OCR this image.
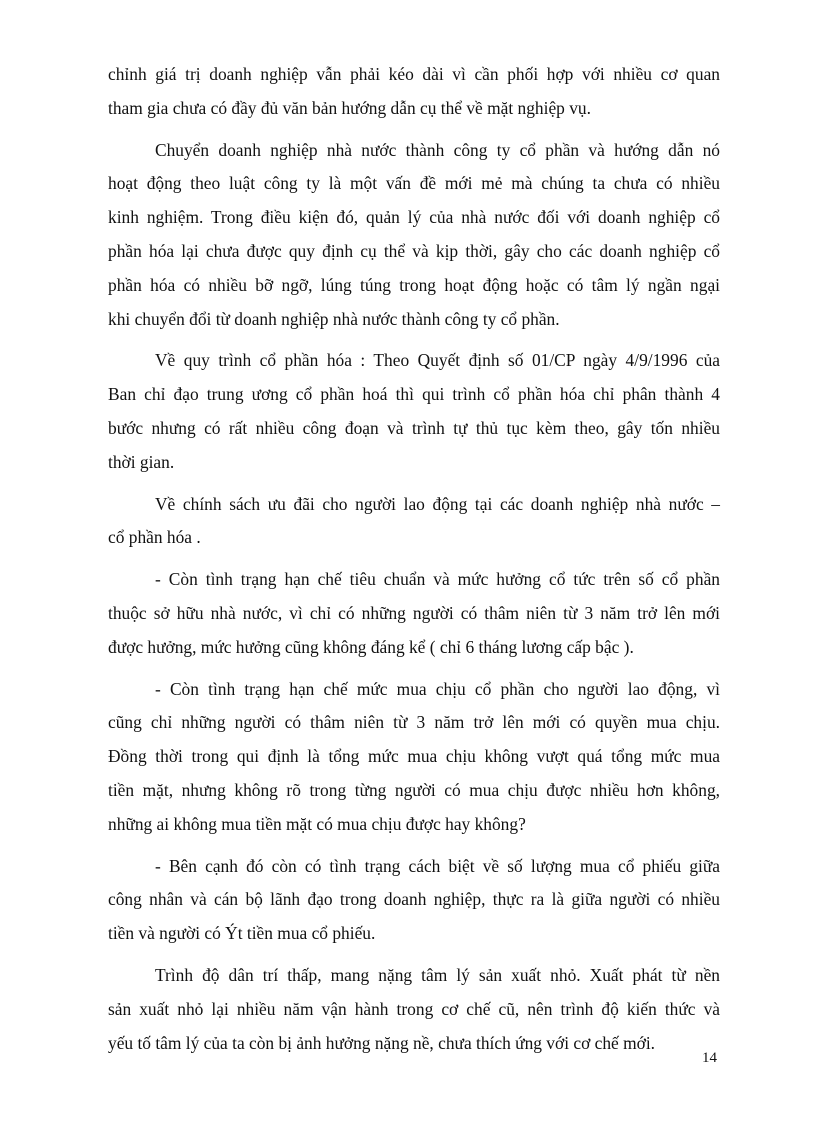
chỉnh giá trị doanh nghiệp vẫn phải kéo dài vì cần phối hợp với nhiều cơ quan
tham gia chưa có đầy đủ văn bản hướng dẫn cụ thể về mặt nghiệp vụ.
Chuyển doanh nghiệp nhà nước thành công ty cổ phần và hướng dẫn nó
hoạt động theo luật công ty là một vấn đề mới mẻ mà chúng ta chưa có nhiều
kinh nghiệm. Trong điều kiện đó, quản lý của nhà nước đối với doanh nghiệp cổ
phần hóa lại chưa được quy định cụ thể và kịp thời, gây cho các doanh nghiệp cổ
phần hóa có nhiều bỡ ngỡ, lúng túng trong hoạt động hoặc có tâm lý ngần ngại
khi chuyển đổi từ doanh nghiệp nhà nước thành công ty cổ phần.
Về quy trình cổ phần hóa : Theo Quyết định số 01/CP ngày 4/9/1996 của
Ban chỉ đạo trung ương cổ phần hoá thì qui trình cổ phần hóa chỉ phân thành 4
bước nhưng có rất nhiều công đoạn và trình tự thủ tục kèm theo, gây tốn nhiều
thời gian.
Về chính sách ưu đãi cho người lao động tại các doanh nghiệp nhà nước –
cổ phần hóa .
- Còn tình trạng hạn chế tiêu chuẩn và mức hưởng cổ tức trên số cổ phần
thuộc sở hữu nhà nước, vì chỉ có những người có thâm niên từ 3 năm trở lên mới
được hưởng, mức hưởng cũng không đáng kể ( chỉ 6 tháng lương cấp bậc ).
- Còn tình trạng hạn chế mức mua chịu cổ phần cho người lao động, vì
cũng chỉ những người có thâm niên từ 3 năm trở lên mới có quyền mua chịu.
Đồng thời trong qui định là tổng mức mua chịu không vượt quá tổng mức mua
tiền mặt, nhưng không rõ trong từng người có mua chịu được nhiều hơn không,
những ai không mua tiền mặt có mua chịu được hay không?
- Bên cạnh đó còn có tình trạng cách biệt về số lượng mua cổ phiếu giữa
công nhân và cán bộ lãnh đạo trong doanh nghiệp, thực ra là giữa người có nhiều
tiền và người có Ýt tiền mua cổ phiếu.
Trình độ dân trí thấp, mang nặng tâm lý sản xuất nhỏ. Xuất phát từ nền
sản xuất nhỏ lại nhiều năm vận hành trong cơ chế cũ, nên trình độ kiến thức và
yếu tố tâm lý của ta còn bị ảnh hưởng nặng nề, chưa thích ứng với cơ chế mới.
14
